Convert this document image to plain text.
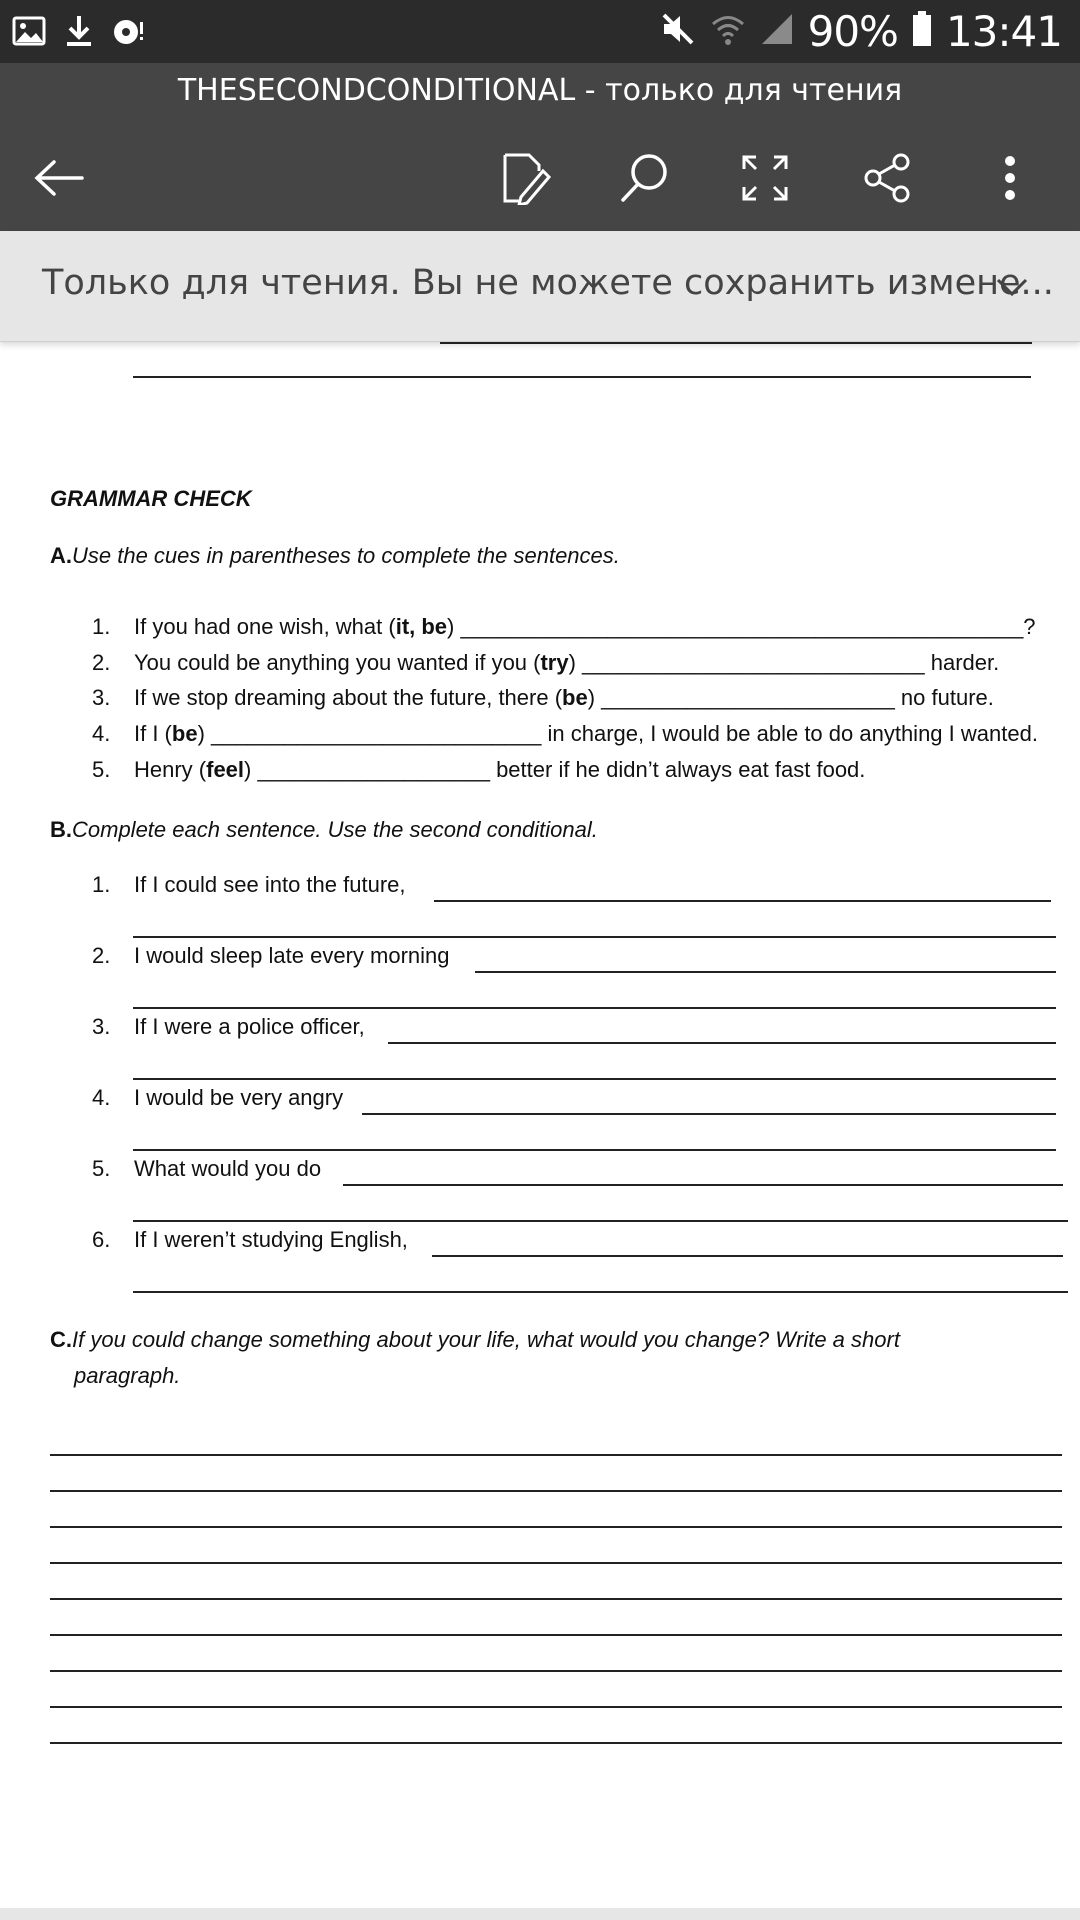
90% 13:41
THESECONDCONDITIONAL - только для чтения
Только для чтения. Вы не можете сохранить измене...
GRAMMAR CHECK
A.Use the cues in parentheses to complete the sentences.
1. If you had one wish, what (it, be) ______________________________________________?
2. You could be anything you wanted if you (try) ____________________________ harder.
3. If we stop dreaming about the future, there (be) ________________________ no future.
4. If I (be) ___________________________ in charge, I would be able to do anything I wanted.
5. Henry (feel) ___________________ better if he didn’t always eat fast food.
B.Complete each sentence. Use the second conditional.
1. If I could see into the future,
2. I would sleep late every morning
3. If I were a police officer,
4. I would be very angry
5. What would you do
6. If I weren’t studying English,
C.If you could change something about your life, what would you change? Write a short
paragraph.
